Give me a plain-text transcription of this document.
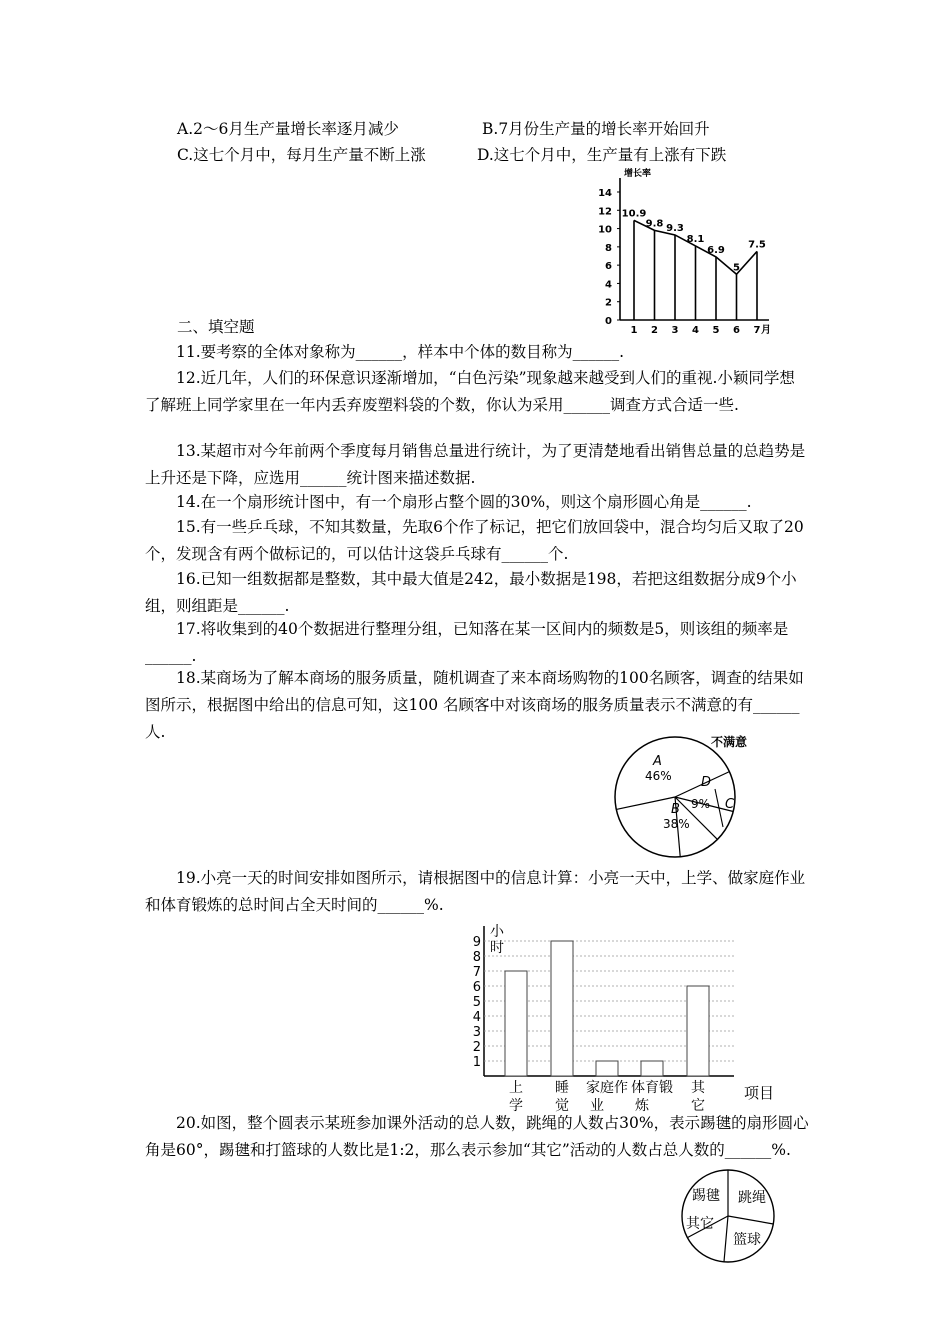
A.2～6月生产量增长率逐月减少	B.7月份生产量的增长率开始回升
C.这七个月中，每月生产量不断上涨	D.这七个月中，生产量有上涨有下跌
增长率
0
2
4
6
8
10
12
14
10.9
1
9.8
2
9.3
3
8.1
4
6.9
5
5
6
7.5
7 月
二、填空题
11.要考察的全体对象称为______，样本中个体的数目称为______.
12.近几年，人们的环保意识逐渐增加，“白色污染”现象越来越受到人们的重视.小颖同学想了解班上同学家里在一年内丢弃废塑料袋的个数，你认为采用______调查方式合适一些.
13.某超市对今年前两个季度每月销售总量进行统计，为了更清楚地看出销售总量的总趋势是上升还是下降，应选用______统计图来描述数据.
14.在一个扇形统计图中，有一个扇形占整个圆的30%，则这个扇形圆心角是______.
15.有一些乒乓球，不知其数量，先取6个作了标记，把它们放回袋中，混合均匀后又取了20个，发现含有两个做标记的，可以估计这袋乒乓球有______个.
16.已知一组数据都是整数，其中最大值是242，最小数据是198，若把这组数据分成9个小组，则组距是______.
17.将收集到的40个数据进行整理分组，已知落在某一区间内的频数是5，则该组的频率是______.
18.某商场为了解本商场的服务质量，随机调查了来本商场购物的100名顾客，调查的结果如图所示，根据图中给出的信息可知，这100 名顾客中对该商场的服务质量表示不满意的有______人.
A
46%
B
38%
C
9%
D
不满意
19.小亮一天的时间安排如图所示，请根据图中的信息计算：小亮一天中，上学、做家庭作业和体育锻炼的总时间占全天时间的______%.
小
时
1
2
3
4
5
6
7
8
9
上
学
睡
觉
家庭作
业
体育锻
炼
其
它
项目
20.如图，整个圆表示某班参加课外活动的总人数，跳绳的人数占30%，表示踢毽的扇形圆心角是60°，踢毽和打篮球的人数比是1:2，那么表示参加“其它”活动的人数占总人数的______%.
踢毽 跳绳
篮球
其它
